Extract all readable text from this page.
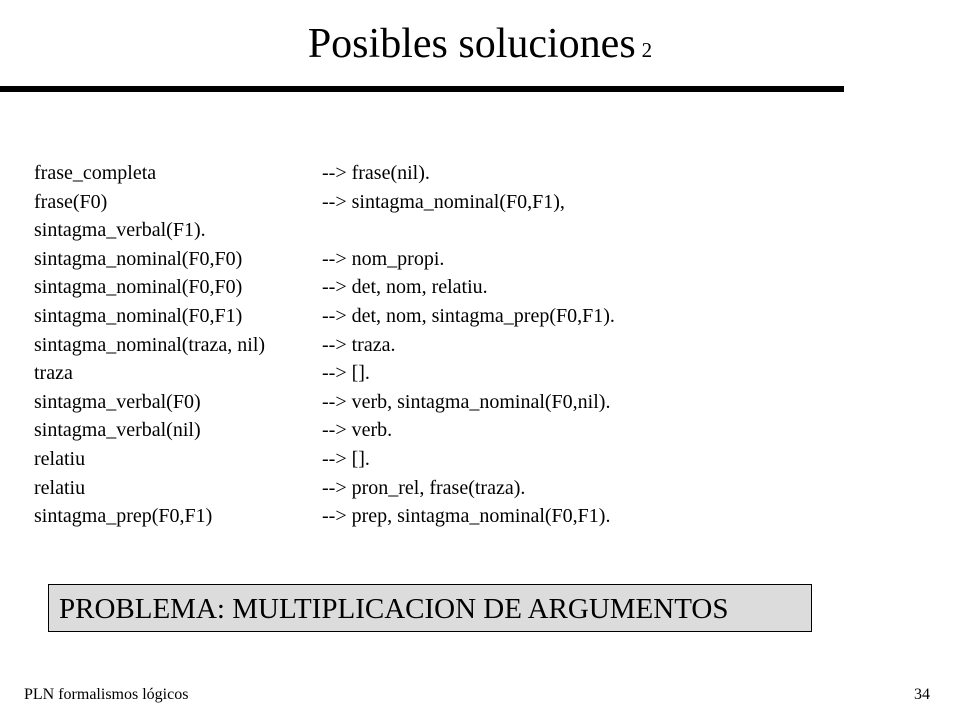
Posibles soluciones 2
frase_completa	--> frase(nil).
frase(F0)	--> sintagma_nominal(F0,F1),
sintagma_verbal(F1).
sintagma_nominal(F0,F0)	--> nom_propi.
sintagma_nominal(F0,F0)	--> det, nom, relatiu.
sintagma_nominal(F0,F1)	--> det, nom, sintagma_prep(F0,F1).
sintagma_nominal(traza, nil)	--> traza.
traza	--> [].
sintagma_verbal(F0)	--> verb, sintagma_nominal(F0,nil).
sintagma_verbal(nil)	--> verb.
relatiu	--> [].
relatiu	--> pron_rel, frase(traza).
sintagma_prep(F0,F1)	--> prep, sintagma_nominal(F0,F1).
PROBLEMA: MULTIPLICACION DE ARGUMENTOS
PLN formalismos lógicos	34
